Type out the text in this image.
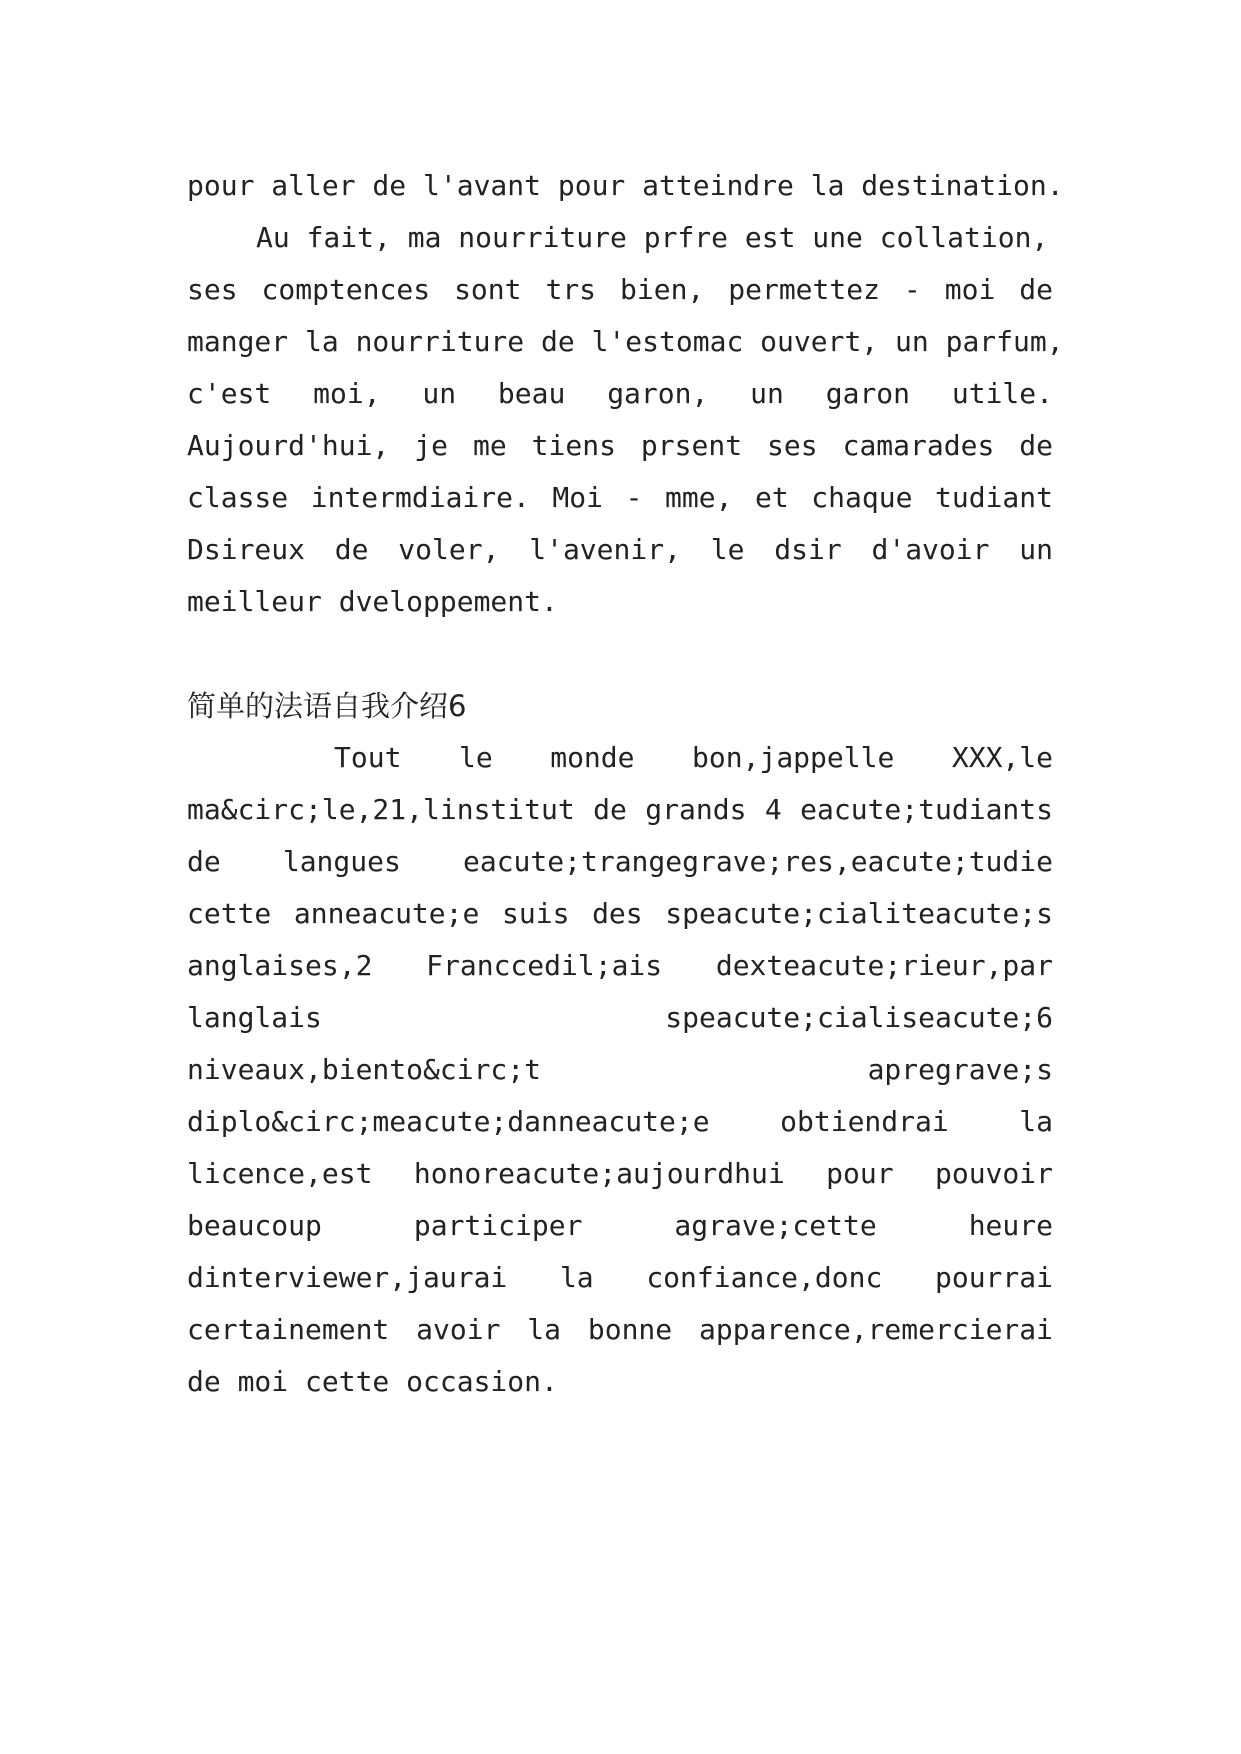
pour aller de l'avant pour atteindre la destination.
Au fait, ma nourriture prfre est une collation,
ses comptences sont trs bien, permettez - moi de
manger la nourriture de l'estomac ouvert, un parfum,
c'est moi, un beau garon, un garon utile.
Aujourd'hui, je me tiens prsent ses camarades de
classe intermdiaire. Moi - mme, et chaque tudiant
Dsireux de voler, l'avenir, le dsir d'avoir un
meilleur dveloppement.
简单的法语自我介绍6
Tout le monde bon,jappelle XXX,le
ma&circ;le,21,linstitut de grands 4 eacute;tudiants
de langues eacute;trangegrave;res,eacute;tudie
cette anneacute;e suis des speacute;cialiteacute;s
anglaises,2 Franccedil;ais dexteacute;rieur,par
langlais speacute;cialiseacute;6
niveaux,biento&circ;t apregrave;s
diplo&circ;meacute;danneacute;e obtiendrai la
licence,est honoreacute;aujourdhui pour pouvoir
beaucoup participer agrave;cette heure
dinterviewer,jaurai la confiance,donc pourrai
certainement avoir la bonne apparence,remercierai
de moi cette occasion.
